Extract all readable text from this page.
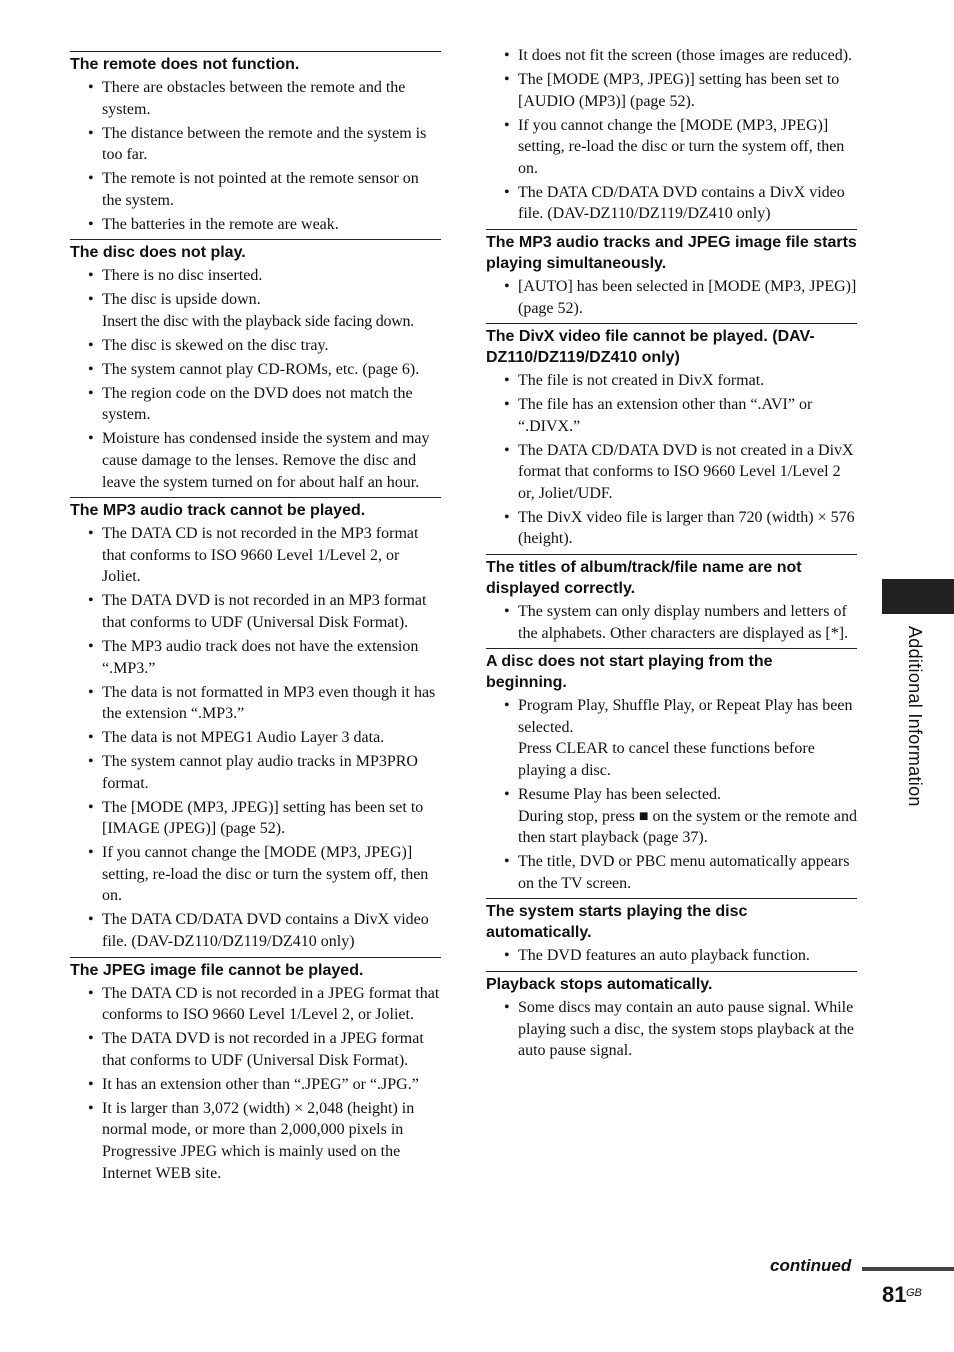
The remote does not function.
• There are obstacles between the remote and the system.
• The distance between the remote and the system is too far.
• The remote is not pointed at the remote sensor on the system.
• The batteries in the remote are weak.
The disc does not play.
• There is no disc inserted.
• The disc is upside down.
Insert the disc with the playback side facing down.
• The disc is skewed on the disc tray.
• The system cannot play CD-ROMs, etc. (page 6).
• The region code on the DVD does not match the system.
• Moisture has condensed inside the system and may cause damage to the lenses. Remove the disc and leave the system turned on for about half an hour.
The MP3 audio track cannot be played.
• The DATA CD is not recorded in the MP3 format that conforms to ISO 9660 Level 1/Level 2, or Joliet.
• The DATA DVD is not recorded in an MP3 format that conforms to UDF (Universal Disk Format).
• The MP3 audio track does not have the extension “.MP3.”
• The data is not formatted in MP3 even though it has the extension “.MP3.”
• The data is not MPEG1 Audio Layer 3 data.
• The system cannot play audio tracks in MP3PRO format.
• The [MODE (MP3, JPEG)] setting has been set to [IMAGE (JPEG)] (page 52).
• If you cannot change the [MODE (MP3, JPEG)] setting, re-load the disc or turn the system off, then on.
• The DATA CD/DATA DVD contains a DivX video file. (DAV-DZ110/DZ119/DZ410 only)
The JPEG image file cannot be played.
• The DATA CD is not recorded in a JPEG format that conforms to ISO 9660 Level 1/Level 2, or Joliet.
• The DATA DVD is not recorded in a JPEG format that conforms to UDF (Universal Disk Format).
• It has an extension other than “.JPEG” or “.JPG.”
• It is larger than 3,072 (width) × 2,048 (height) in normal mode, or more than 2,000,000 pixels in Progressive JPEG which is mainly used on the Internet WEB site.
• It does not fit the screen (those images are reduced).
• The [MODE (MP3, JPEG)] setting has been set to [AUDIO (MP3)] (page 52).
• If you cannot change the [MODE (MP3, JPEG)] setting, re-load the disc or turn the system off, then on.
• The DATA CD/DATA DVD contains a DivX video file. (DAV-DZ110/DZ119/DZ410 only)
The MP3 audio tracks and JPEG image file starts playing simultaneously.
• [AUTO] has been selected in [MODE (MP3, JPEG)] (page 52).
The DivX video file cannot be played. (DAV-DZ110/DZ119/DZ410 only)
• The file is not created in DivX format.
• The file has an extension other than “.AVI” or “.DIVX.”
• The DATA CD/DATA DVD is not created in a DivX format that conforms to ISO 9660 Level 1/Level 2 or, Joliet/UDF.
• The DivX video file is larger than 720 (width) × 576 (height).
The titles of album/track/file name are not displayed correctly.
• The system can only display numbers and letters of the alphabets. Other characters are displayed as [*].
A disc does not start playing from the beginning.
• Program Play, Shuffle Play, or Repeat Play has been selected.
Press CLEAR to cancel these functions before playing a disc.
• Resume Play has been selected.
During stop, press ■ on the system or the remote and then start playback (page 37).
• The title, DVD or PBC menu automatically appears on the TV screen.
The system starts playing the disc automatically.
• The DVD features an auto playback function.
Playback stops automatically.
• Some discs may contain an auto pause signal. While playing such a disc, the system stops playback at the auto pause signal.
Additional Information
continued
81 GB
